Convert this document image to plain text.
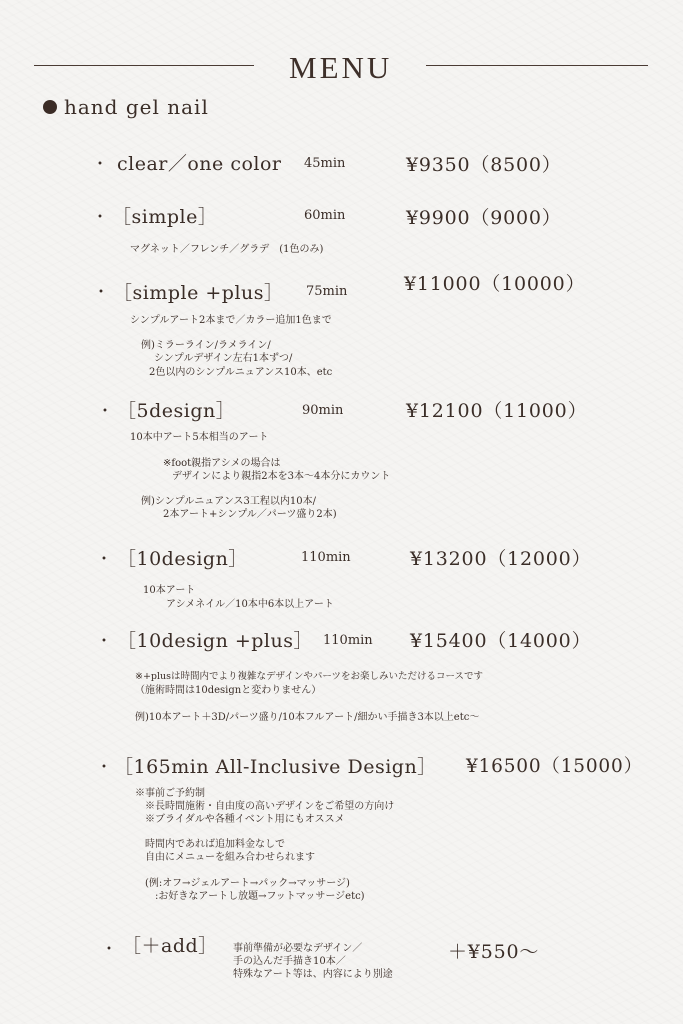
MENU
hand gel nail
・ clear／one color 45min	¥9350（8500）
・ ［simple］	60min	¥9900（9000）
マグネット／フレンチ／グラデ　(1色のみ)
・ ［simple +plus］ 75min	¥11000（10000）
シンプルアート2本まで／カラー追加1色まで
例)ミラーライン/ラメライン/
シンプルデザイン左右1本ずつ/
2色以内のシンプルニュアンス10本、etc
・ ［5design］	90min	¥12100（11000）
10本中アート5本相当のアート
※foot親指アシメの場合は
デザインにより親指2本を3本〜4本分にカウント
例)シンプルニュアンス3工程以内10本/
2本アート+シンプル／パーツ盛り2本)
・ ［10design］	110min	¥13200（12000）
10本アート
アシメネイル／10本中6本以上アート
・ ［10design +plus］ 110min ¥15400（14000）
※+plusは時間内でより複雑なデザインやパーツをお楽しみいただけるコースです
（施術時間は10designと変わりません）
例)10本アート＋3D/パーツ盛り/10本フルアート/細かい手描き3本以上etc〜
・ ［165min All-Inclusive Design］ ¥16500（15000）
※事前ご予約制
※長時間施術・自由度の高いデザインをご希望の方向け
※ブライダルや各種イベント用にもオススメ
時間内であれば追加料金なしで
自由にメニューを組み合わせられます
(例:オフ→ジェルアート→パック→マッサージ)
:お好きなアートし放題→フットマッサージetc)
・ ［＋add］ 事前準備が必要なデザイン／
手の込んだ手描き10本／
特殊なアート等は、内容により別途
＋¥550〜
